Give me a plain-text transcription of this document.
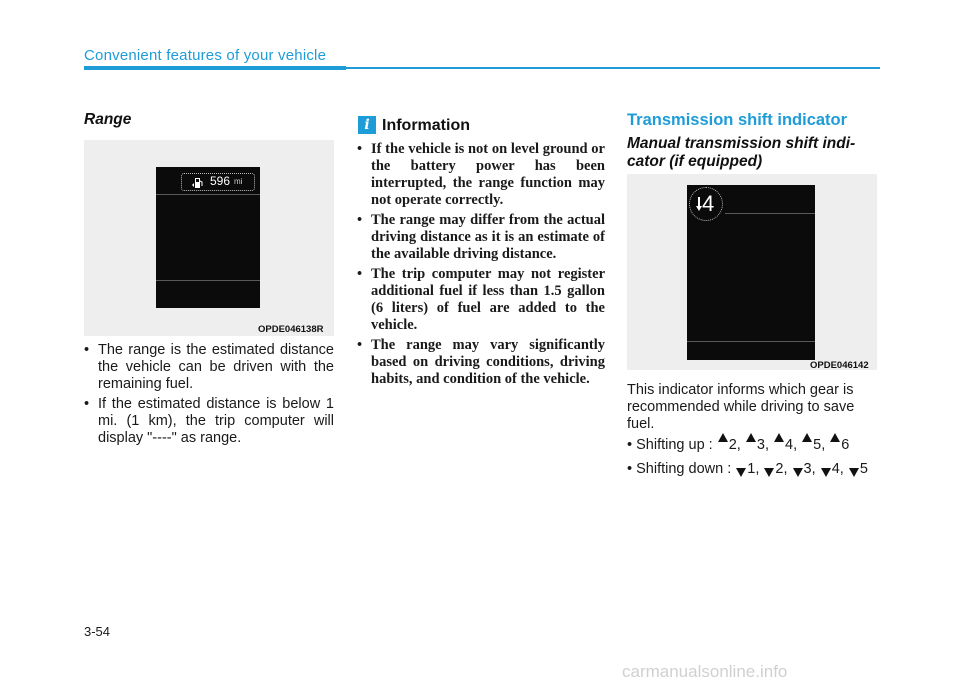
Convenient features of your vehicle
Range
596 mi
OPDE046138R
• The range is the estimated distance the vehicle can be driven with the remaining fuel.
• If the estimated distance is below 1 mi. (1 km), the trip computer will display "----" as range.
i Information
• If the vehicle is not on level ground or the battery power has been interrupted, the range function may not operate correctly.
• The range may differ from the actual driving distance as it is an estimate of the available driving distance.
• The trip computer may not register additional fuel if less than 1.5 gallon (6 liters) of fuel are added to the vehicle.
• The range may vary significantly based on driving conditions, driving habits, and condition of the vehicle.
Transmission shift indicator
Manual transmission shift indi-
cator (if equipped)
4
OPDE046142
This indicator informs which gear is recommended while driving to save fuel.
• Shifting up : 2, 3, 4, 5, 6
• Shifting down : 1, 2, 3, 4, 5
3-54
carmanualsonline.info
